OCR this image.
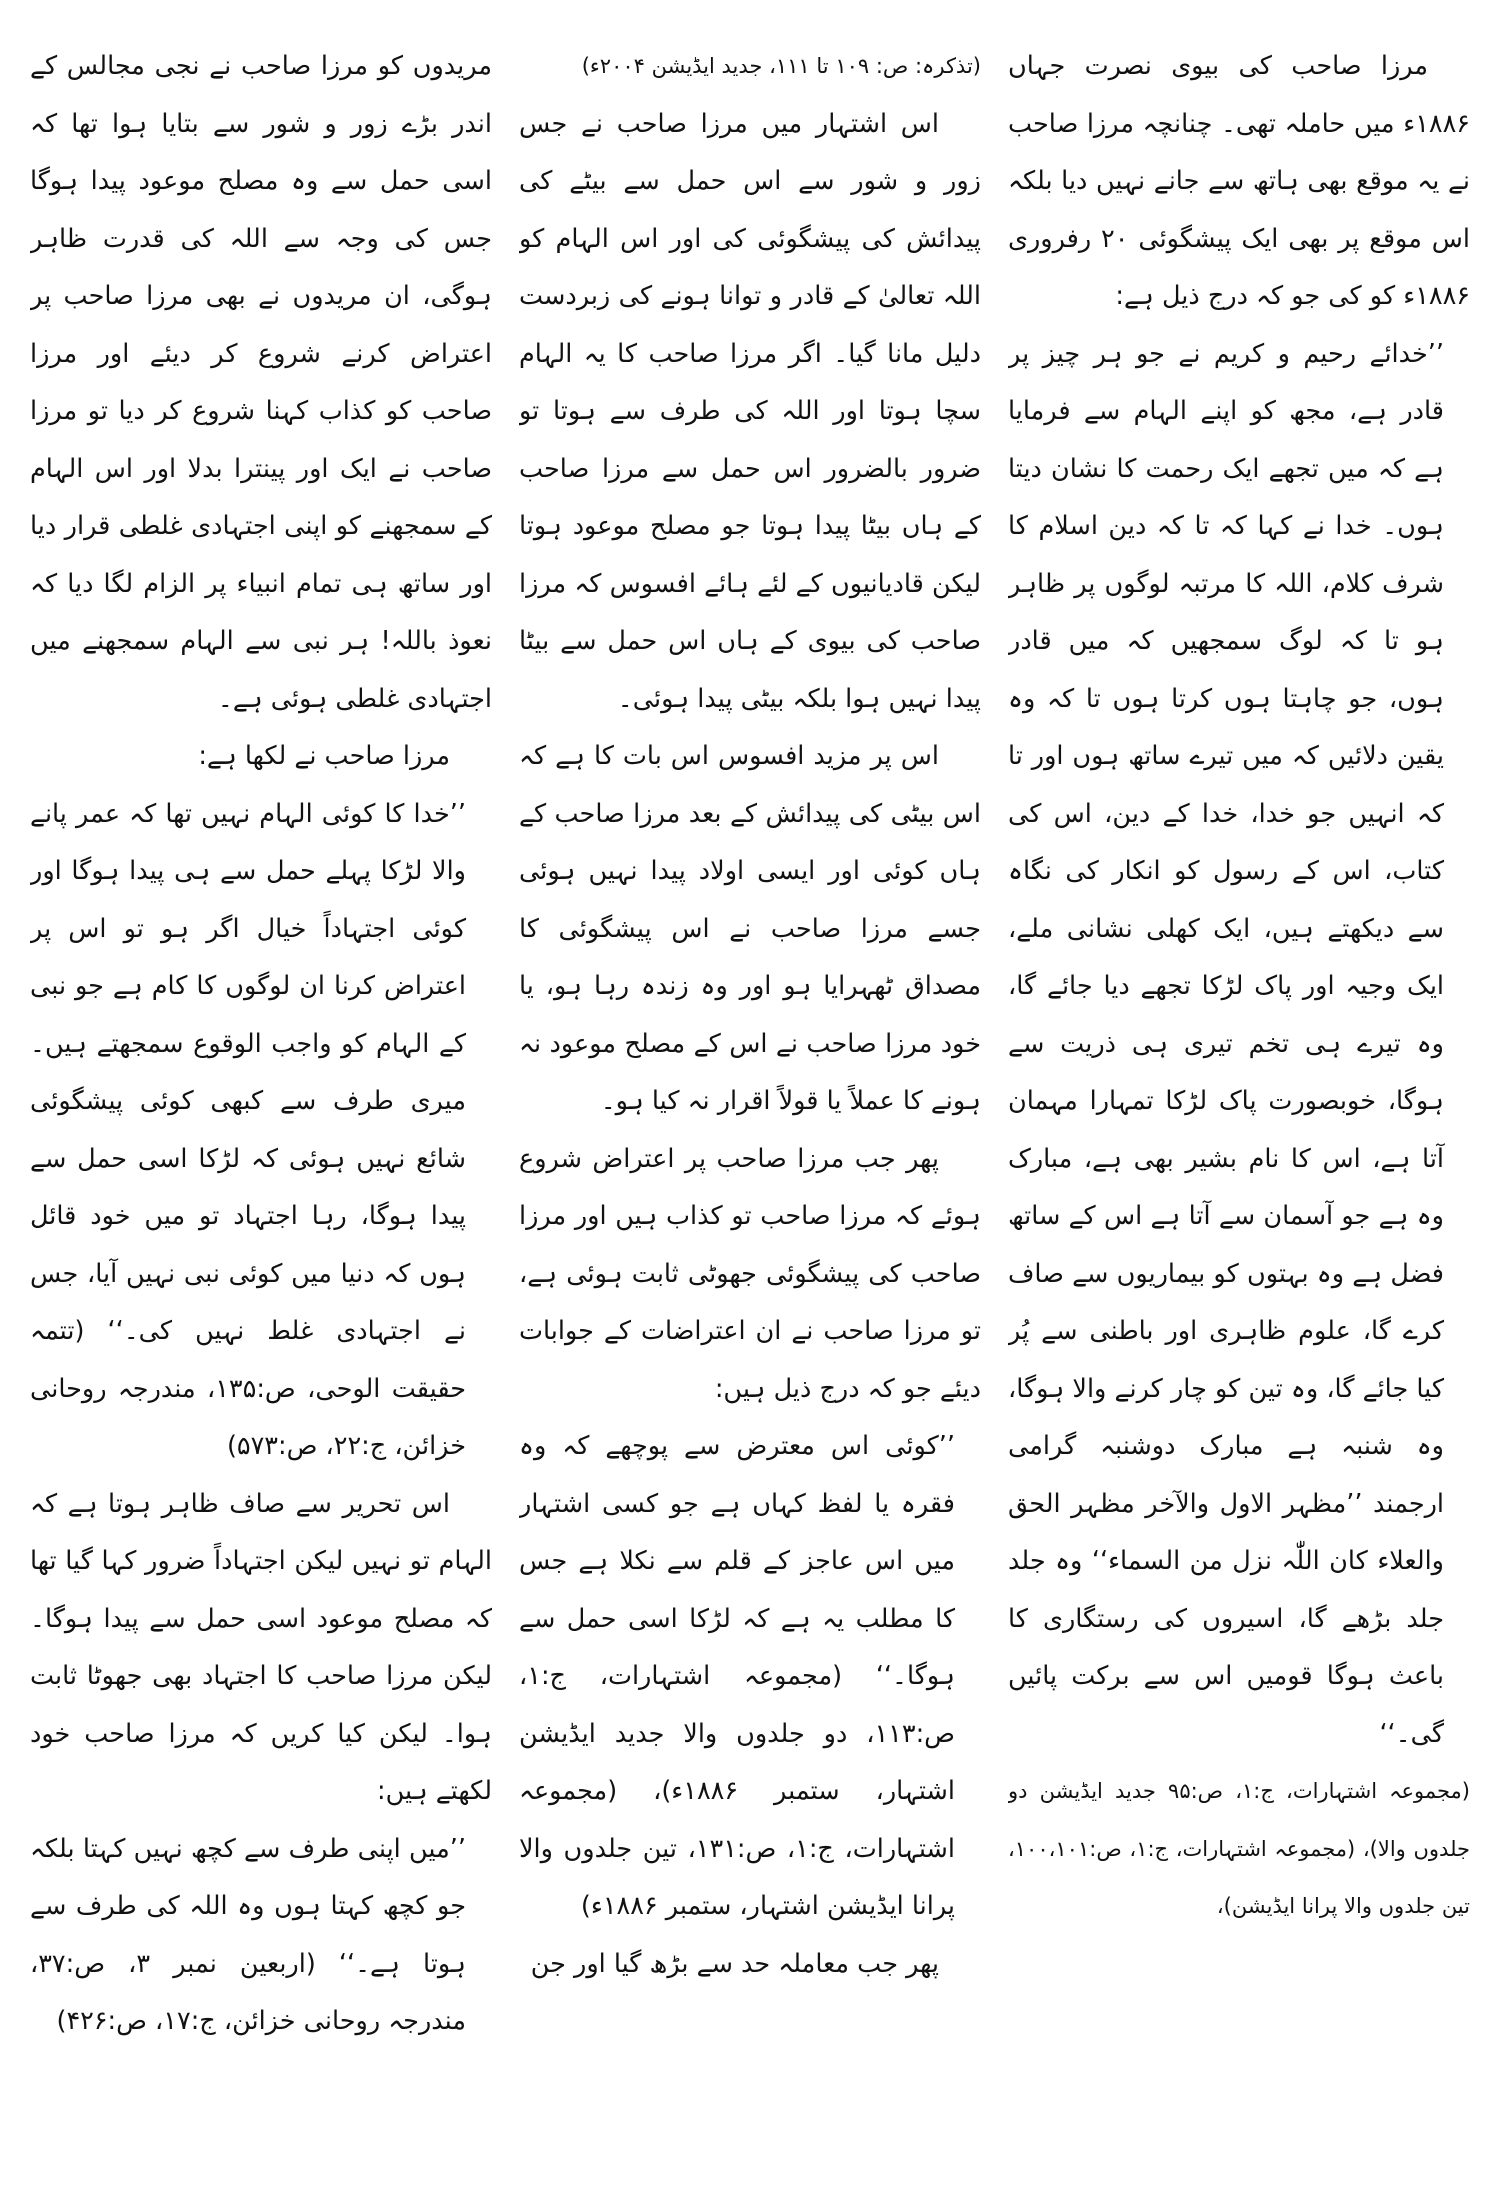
مرزا صاحب کی بیوی نصرت جہاں ۱۸۸۶ء میں حاملہ تھی۔ چنانچہ مرزا صاحب نے یہ موقع بھی ہاتھ سے جانے نہیں دیا بلکہ اس موقع پر بھی ایک پیشگوئی ۲۰ رفروری ۱۸۸۶ء کو کی جو کہ درج ذیل ہے:

’’خدائے رحیم و کریم نے جو ہر چیز پر قادر ہے، مجھ کو اپنے الہام سے فرمایا ہے کہ میں تجھے ایک رحمت کا نشان دیتا ہوں۔ خدا نے کہا کہ تا کہ دین اسلام کا شرف کلام، اللہ کا مرتبہ لوگوں پر ظاہر ہو تا کہ لوگ سمجھیں کہ میں قادر ہوں، جو چاہتا ہوں کرتا ہوں تا کہ وہ یقین دلائیں کہ میں تیرے ساتھ ہوں اور تا کہ انہیں جو خدا، خدا کے دین، اس کی کتاب، اس کے رسول کو انکار کی نگاہ سے دیکھتے ہیں، ایک کھلی نشانی ملے، ایک وجیہ اور پاک لڑکا تجھے دیا جائے گا، وہ تیرے ہی تخم تیری ہی ذریت سے ہوگا، خوبصورت پاک لڑکا تمہارا مہمان آتا ہے، اس کا نام بشیر بھی ہے، مبارک وہ ہے جو آسمان سے آتا ہے اس کے ساتھ فضل ہے وہ بہتوں کو بیماریوں سے صاف کرے گا، علوم ظاہری اور باطنی سے پُر کیا جائے گا، وہ تین کو چار کرنے والا ہوگا، وہ شنبہ ہے مبارک دوشنبہ گرامی ارجمند ’’مظہر الاول والآخر مظہر الحق والعلاء کان اللّٰہ نزل من السماء‘‘ وہ جلد جلد بڑھے گا، اسیروں کی رستگاری کا باعث ہوگا قومیں اس سے برکت پائیں گی۔‘‘

(مجموعہ اشتہارات، ج:۱، ص:۹۵ جدید ایڈیشن دو جلدوں والا)، (مجموعہ اشتہارات، ج:۱، ص:۱۰۰،۱۰۱، تین جلدوں والا پرانا ایڈیشن)،

(تذکرہ: ص: ۱۰۹ تا ۱۱۱، جدید ایڈیشن ۲۰۰۴ء)

اس اشتہار میں مرزا صاحب نے جس زور و شور سے اس حمل سے بیٹے کی پیدائش کی پیشگوئی کی اور اس الہام کو اللہ تعالیٰ کے قادر و توانا ہونے کی زبردست دلیل مانا گیا۔ اگر مرزا صاحب کا یہ الہام سچا ہوتا اور اللہ کی طرف سے ہوتا تو ضرور بالضرور اس حمل سے مرزا صاحب کے ہاں بیٹا پیدا ہوتا جو مصلح موعود ہوتا لیکن قادیانیوں کے لئے ہائے افسوس کہ مرزا صاحب کی بیوی کے ہاں اس حمل سے بیٹا پیدا نہیں ہوا بلکہ بیٹی پیدا ہوئی۔

اس پر مزید افسوس اس بات کا ہے کہ اس بیٹی کی پیدائش کے بعد مرزا صاحب کے ہاں کوئی اور ایسی اولاد پیدا نہیں ہوئی جسے مرزا صاحب نے اس پیشگوئی کا مصداق ٹھہرایا ہو اور وہ زندہ رہا ہو، یا خود مرزا صاحب نے اس کے مصلح موعود نہ ہونے کا عملاً یا قولاً اقرار نہ کیا ہو۔

پھر جب مرزا صاحب پر اعتراض شروع ہوئے کہ مرزا صاحب تو کذاب ہیں اور مرزا صاحب کی پیشگوئی جھوٹی ثابت ہوئی ہے، تو مرزا صاحب نے ان اعتراضات کے جوابات دیئے جو کہ درج ذیل ہیں:

’’کوئی اس معترض سے پوچھے کہ وہ فقرہ یا لفظ کہاں ہے جو کسی اشتہار میں اس عاجز کے قلم سے نکلا ہے جس کا مطلب یہ ہے کہ لڑکا اسی حمل سے ہوگا۔‘‘ (مجموعہ اشتہارات، ج:۱، ص:۱۱۳، دو جلدوں والا جدید ایڈیشن اشتہار، ستمبر ۱۸۸۶ء)، (مجموعہ اشتہارات، ج:۱، ص:۱۳۱، تین جلدوں والا پرانا ایڈیشن اشتہار، ستمبر ۱۸۸۶ء)

پھر جب معاملہ حد سے بڑھ گیا اور جن

مریدوں کو مرزا صاحب نے نجی مجالس کے اندر بڑے زور و شور سے بتایا ہوا تھا کہ اسی حمل سے وہ مصلح موعود پیدا ہوگا جس کی وجہ سے اللہ کی قدرت ظاہر ہوگی، ان مریدوں نے بھی مرزا صاحب پر اعتراض کرنے شروع کر دیئے اور مرزا صاحب کو کذاب کہنا شروع کر دیا تو مرزا صاحب نے ایک اور پینترا بدلا اور اس الہام کے سمجھنے کو اپنی اجتہادی غلطی قرار دیا اور ساتھ ہی تمام انبیاء پر الزام لگا دیا کہ نعوذ باللہ! ہر نبی سے الہام سمجھنے میں اجتہادی غلطی ہوئی ہے۔

مرزا صاحب نے لکھا ہے:

’’خدا کا کوئی الہام نہیں تھا کہ عمر پانے والا لڑکا پہلے حمل سے ہی پیدا ہوگا اور کوئی اجتہاداً خیال اگر ہو تو اس پر اعتراض کرنا ان لوگوں کا کام ہے جو نبی کے الہام کو واجب الوقوع سمجھتے ہیں۔ میری طرف سے کبھی کوئی پیشگوئی شائع نہیں ہوئی کہ لڑکا اسی حمل سے پیدا ہوگا، رہا اجتہاد تو میں خود قائل ہوں کہ دنیا میں کوئی نبی نہیں آیا، جس نے اجتہادی غلط نہیں کی۔‘‘ (تتمہ حقیقت الوحی، ص:۱۳۵، مندرجہ روحانی خزائن، ج:۲۲، ص:۵۷۳)

اس تحریر سے صاف ظاہر ہوتا ہے کہ الہام تو نہیں لیکن اجتہاداً ضرور کہا گیا تھا کہ مصلح موعود اسی حمل سے پیدا ہوگا۔ لیکن مرزا صاحب کا اجتہاد بھی جھوٹا ثابت ہوا۔ لیکن کیا کریں کہ مرزا صاحب خود لکھتے ہیں:

’’میں اپنی طرف سے کچھ نہیں کہتا بلکہ جو کچھ کہتا ہوں وہ اللہ کی طرف سے ہوتا ہے۔‘‘ (اربعین نمبر ۳، ص:۳۷، مندرجہ روحانی خزائن، ج:۱۷، ص:۴۲۶)
